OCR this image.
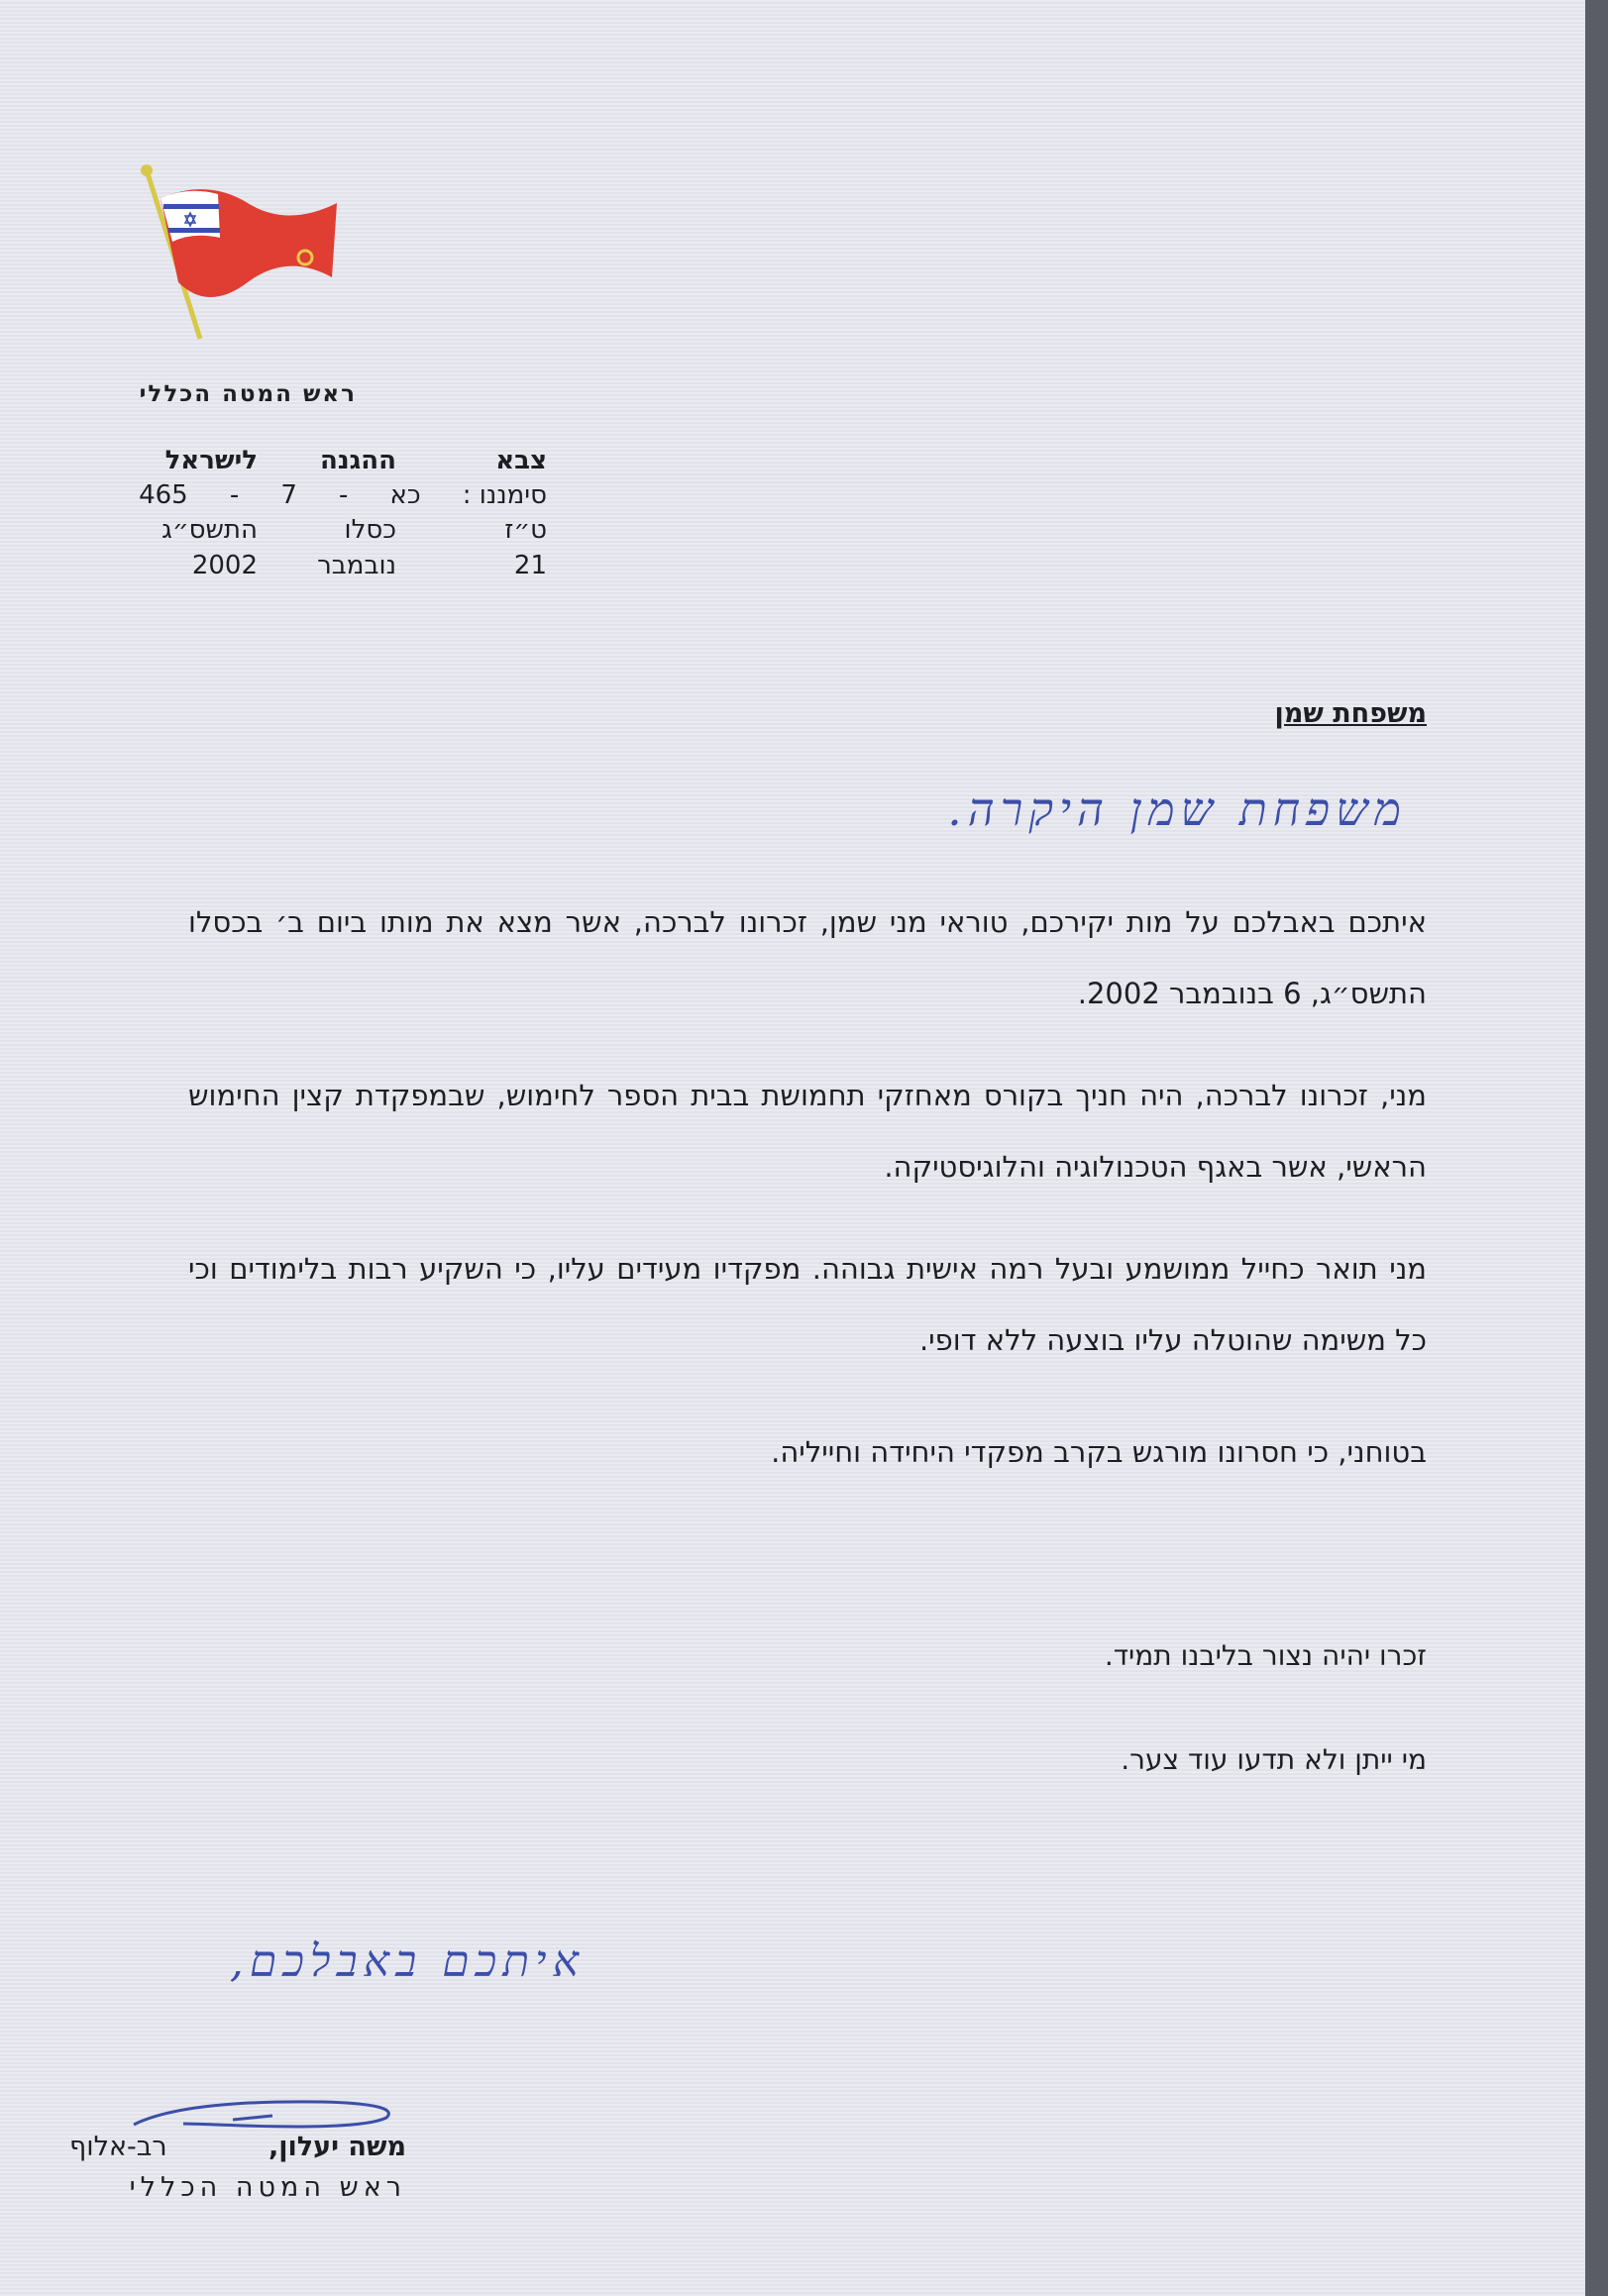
ראש המטה הכללי
צבא
ההגנה
לישראל
סימננו :
כא
-
7
-
465
ט״ז
כסלו
התשס״ג
21
נובמבר
2002
משפחת שמן
משפחת שמן היקרה.
איתכם באבלכם על מות יקירכם, טוראי מני שמן, זכרונו לברכה, אשר מצא את מותו ביום ב׳ בכסלו התשס״ג, 6 בנובמבר 2002.
מני, זכרונו לברכה, היה חניך בקורס מאחזקי תחמושת בבית הספר לחימוש, שבמפקדת קצין החימוש הראשי, אשר באגף הטכנולוגיה והלוגיסטיקה.
מני תואר כחייל ממושמע ובעל רמה אישית גבוהה. מפקדיו מעידים עליו, כי השקיע רבות בלימודים וכי כל משימה שהוטלה עליו בוצעה ללא דופי.
בטוחני, כי חסרונו מורגש בקרב מפקדי היחידה וחייליה.
זכרו יהיה נצור בליבנו תמיד.
מי ייתן ולא תדעו עוד צער.
איתכם באבלכם,
משה יעלון,
רב-אלוף
ראש המטה הכללי
